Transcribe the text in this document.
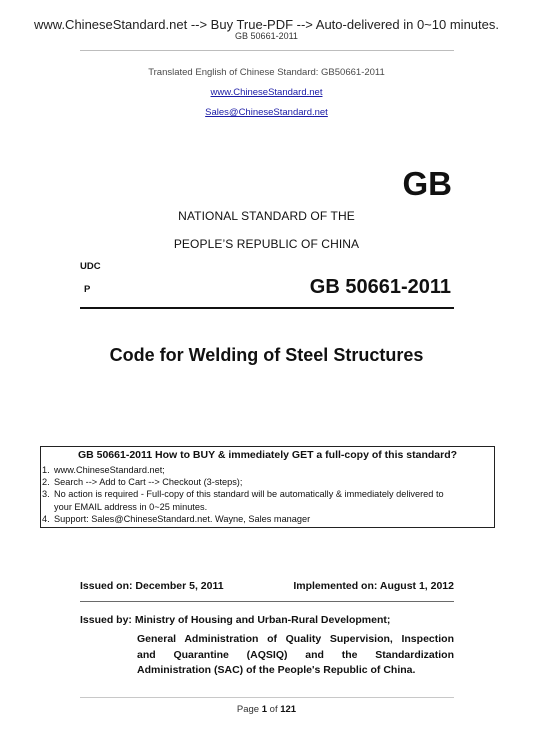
www.ChineseStandard.net --> Buy True-PDF --> Auto-delivered in 0~10 minutes.
GB 50661-2011
Translated English of Chinese Standard: GB50661-2011
www.ChineseStandard.net
Sales@ChineseStandard.net
GB
NATIONAL STANDARD OF THE
PEOPLE’S REPUBLIC OF CHINA
UDC
P	GB 50661-2011
Code for Welding of Steel Structures
GB 50661-2011 How to BUY & immediately GET a full-copy of this standard?
1. www.ChineseStandard.net;
2. Search --> Add to Cart --> Checkout (3-steps);
3. No action is required - Full-copy of this standard will be automatically & immediately delivered to
your EMAIL address in 0~25 minutes.
4. Support: Sales@ChineseStandard.net. Wayne, Sales manager
Issued on: December 5, 2011	Implemented on: August 1, 2012
Issued by: Ministry of Housing and Urban-Rural Development;
General Administration of Quality Supervision, Inspection
and Quarantine (AQSIQ) and the Standardization
Administration (SAC) of the People's Republic of China.
Page 1 of 121
